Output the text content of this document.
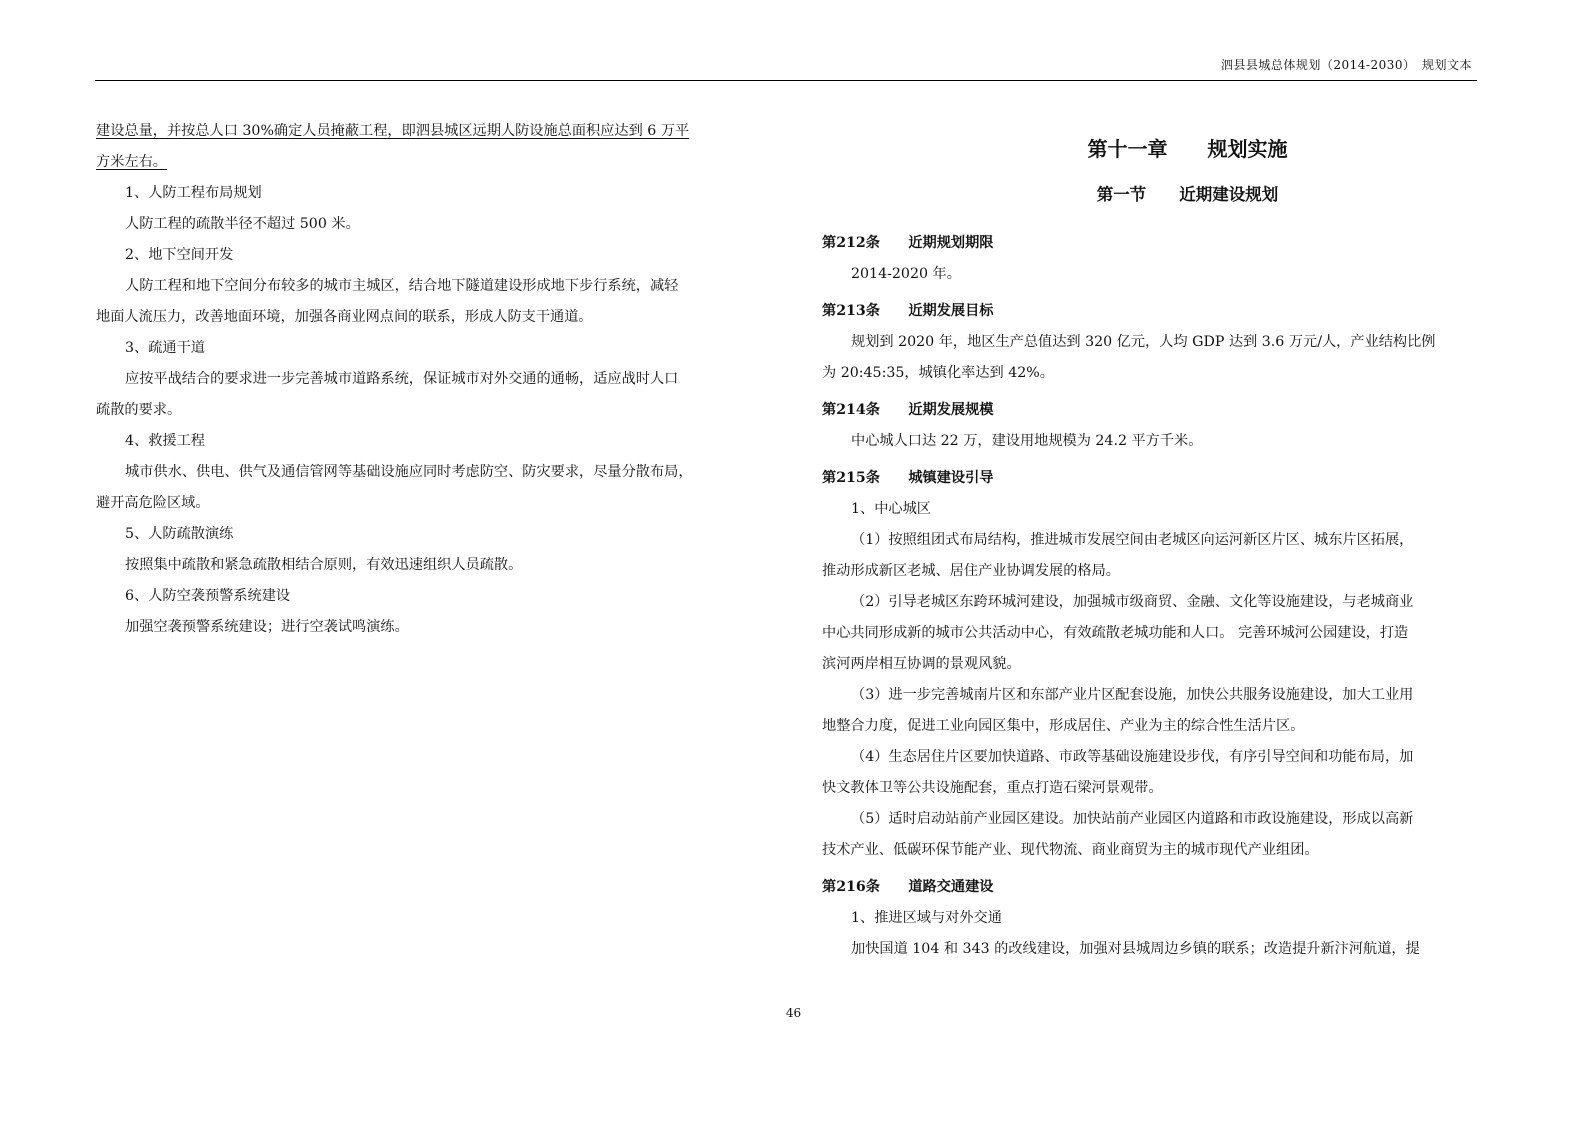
泗县县城总体规划（2014-2030）　规划文本
建设总量，并按总人口 30%确定人员掩蔽工程，即泗县城区远期人防设施总面积应达到 6 万平
方米左右。
1、人防工程布局规划
人防工程的疏散半径不超过 500 米。
2、地下空间开发
人防工程和地下空间分布较多的城市主城区，结合地下隧道建设形成地下步行系统，减轻
地面人流压力，改善地面环境，加强各商业网点间的联系，形成人防支干通道。
3、疏通干道
应按平战结合的要求进一步完善城市道路系统，保证城市对外交通的通畅，适应战时人口
疏散的要求。
4、救援工程
城市供水、供电、供气及通信管网等基础设施应同时考虑防空、防灾要求，尽量分散布局，
避开高危险区域。
5、人防疏散演练
按照集中疏散和紧急疏散相结合原则，有效迅速组织人员疏散。
6、人防空袭预警系统建设
加强空袭预警系统建设；进行空袭试鸣演练。
第十一章　　规划实施
第一节　　近期建设规划
第212条　　近期规划期限
2014-2020 年。
第213条　　近期发展目标
规划到 2020 年，地区生产总值达到 320 亿元，人均 GDP 达到 3.6 万元/人，产业结构比例
为 20:45:35，城镇化率达到 42%。
第214条　　近期发展规模
中心城人口达 22 万，建设用地规模为 24.2 平方千米。
第215条　　城镇建设引导
1、中心城区
（1）按照组团式布局结构，推进城市发展空间由老城区向运河新区片区、城东片区拓展，
推动形成新区老城、居住产业协调发展的格局。
（2）引导老城区东跨环城河建设，加强城市级商贸、金融、文化等设施建设，与老城商业
中心共同形成新的城市公共活动中心，有效疏散老城功能和人口。 完善环城河公园建设，打造
滨河两岸相互协调的景观风貌。
（3）进一步完善城南片区和东部产业片区配套设施，加快公共服务设施建设，加大工业用
地整合力度，促进工业向园区集中，形成居住、产业为主的综合性生活片区。
（4）生态居住片区要加快道路、市政等基础设施建设步伐，有序引导空间和功能布局，加
快文教体卫等公共设施配套，重点打造石梁河景观带。
（5）适时启动站前产业园区建设。加快站前产业园区内道路和市政设施建设，形成以高新
技术产业、低碳环保节能产业、现代物流、商业商贸为主的城市现代产业组团。
第216条　　道路交通建设
1、推进区域与对外交通
加快国道 104 和 343 的改线建设，加强对县城周边乡镇的联系；改造提升新汴河航道，提
46
